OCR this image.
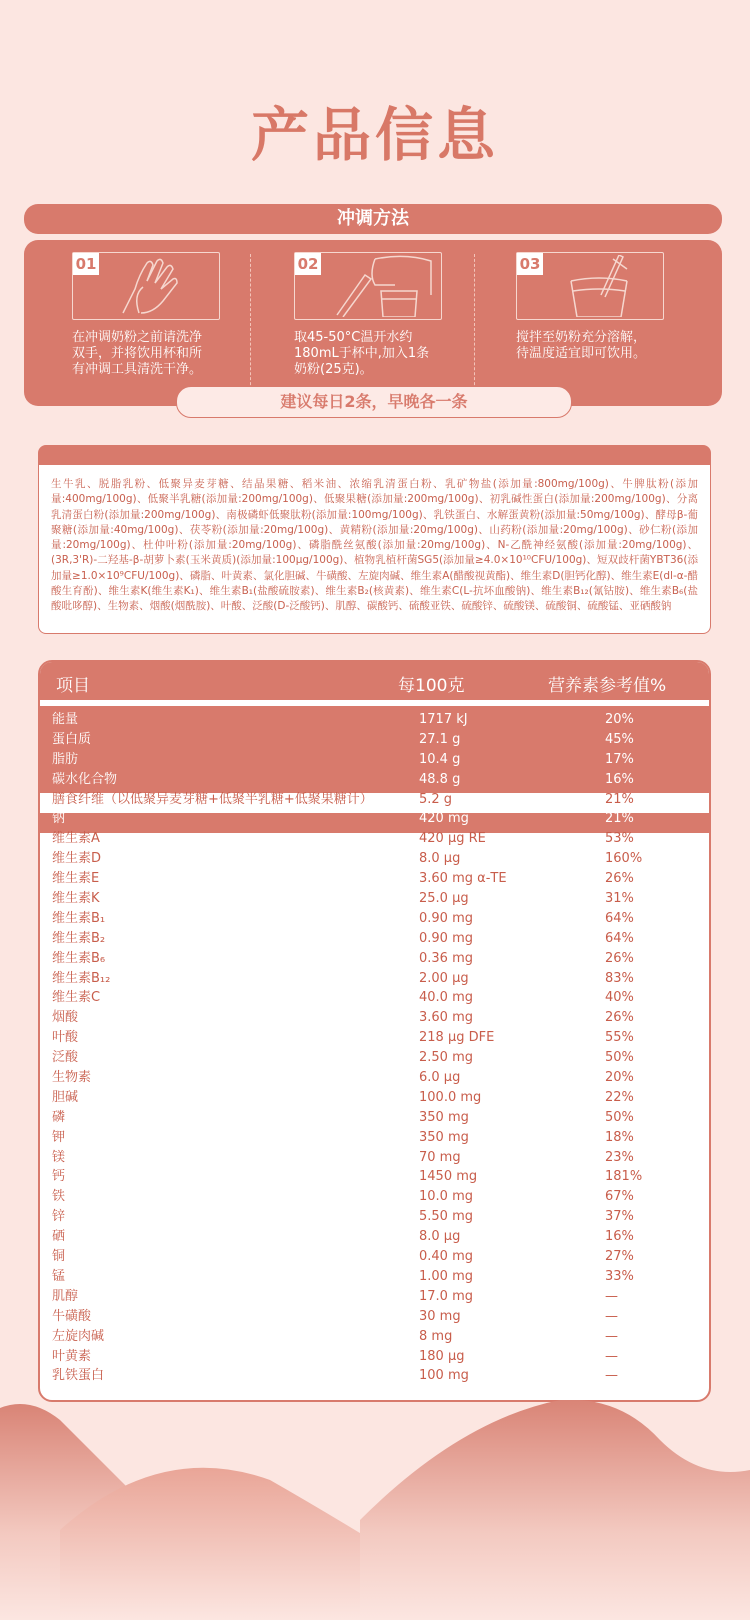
产品信息
冲调方法
01
在冲调奶粉之前请洗净双手，并将饮用杯和所有冲调工具清洗干净。
02
取45-50°C温开水约180mL于杯中,加入1条奶粉(25克)。
03
搅拌至奶粉充分溶解，待温度适宜即可饮用。
建议每日2条，早晚各一条
生牛乳、脱脂乳粉、低聚异麦芽糖、结晶果糖、稻米油、浓缩乳清蛋白粉、乳矿物盐(添加量:800mg/100g)、牛脾肽粉(添加量:400mg/100g)、低聚半乳糖(添加量:200mg/100g)、低聚果糖(添加量:200mg/100g)、初乳碱性蛋白(添加量:200mg/100g)、分离乳清蛋白粉(添加量:200mg/100g)、南极磷虾低聚肽粉(添加量:100mg/100g)、乳铁蛋白、水解蛋黄粉(添加量:50mg/100g)、酵母β-葡聚糖(添加量:40mg/100g)、茯苓粉(添加量:20mg/100g)、黄精粉(添加量:20mg/100g)、山药粉(添加量:20mg/100g)、砂仁粉(添加量:20mg/100g)、杜仲叶粉(添加量:20mg/100g)、磷脂酰丝氨酸(添加量:20mg/100g)、N-乙酰神经氨酸(添加量:20mg/100g)、(3R,3'R)-二羟基-β-胡萝卜素(玉米黄质)(添加量:100μg/100g)、植物乳植杆菌SG5(添加量≥4.0×10¹⁰CFU/100g)、短双歧杆菌YBT36(添加量≥1.0×10⁹CFU/100g)、磷脂、叶黄素、氯化胆碱、牛磺酸、左旋肉碱、维生素A(醋酸视黄酯)、维生素D(胆钙化醇)、维生素E(dl-α-醋酸生育酚)、维生素K(维生素K₁)、维生素B₁(盐酸硫胺素)、维生素B₂(核黄素)、维生素C(L-抗坏血酸钠)、维生素B₁₂(氰钴胺)、维生素B₆(盐酸吡哆醇)、生物素、烟酸(烟酰胺)、叶酸、泛酸(D-泛酸钙)、肌醇、碳酸钙、硫酸亚铁、硫酸锌、硫酸镁、硫酸铜、硫酸锰、亚硒酸钠
项目	每100克	营养素参考值%
能量	1717 kJ	20%
蛋白质	27.1 g	45%
脂肪	10.4 g	17%
碳水化合物	48.8 g	16%
膳食纤维（以低聚异麦芽糖+低聚半乳糖+低聚果糖计）	5.2 g	21%
钠	420 mg	21%
维生素A	420 μg RE	53%
维生素D	8.0 μg	160%
维生素E	3.60 mg α-TE	26%
维生素K	25.0 μg	31%
维生素B₁	0.90 mg	64%
维生素B₂	0.90 mg	64%
维生素B₆	0.36 mg	26%
维生素B₁₂	2.00 μg	83%
维生素C	40.0 mg	40%
烟酸	3.60 mg	26%
叶酸	218 μg DFE	55%
泛酸	2.50 mg	50%
生物素	6.0 μg	20%
胆碱	100.0 mg	22%
磷	350 mg	50%
钾	350 mg	18%
镁	70 mg	23%
钙	1450 mg	181%
铁	10.0 mg	67%
锌	5.50 mg	37%
硒	8.0 μg	16%
铜	0.40 mg	27%
锰	1.00 mg	33%
肌醇	17.0 mg	—
牛磺酸	30 mg	—
左旋肉碱	8 mg	—
叶黄素	180 μg	—
乳铁蛋白	100 mg	—
